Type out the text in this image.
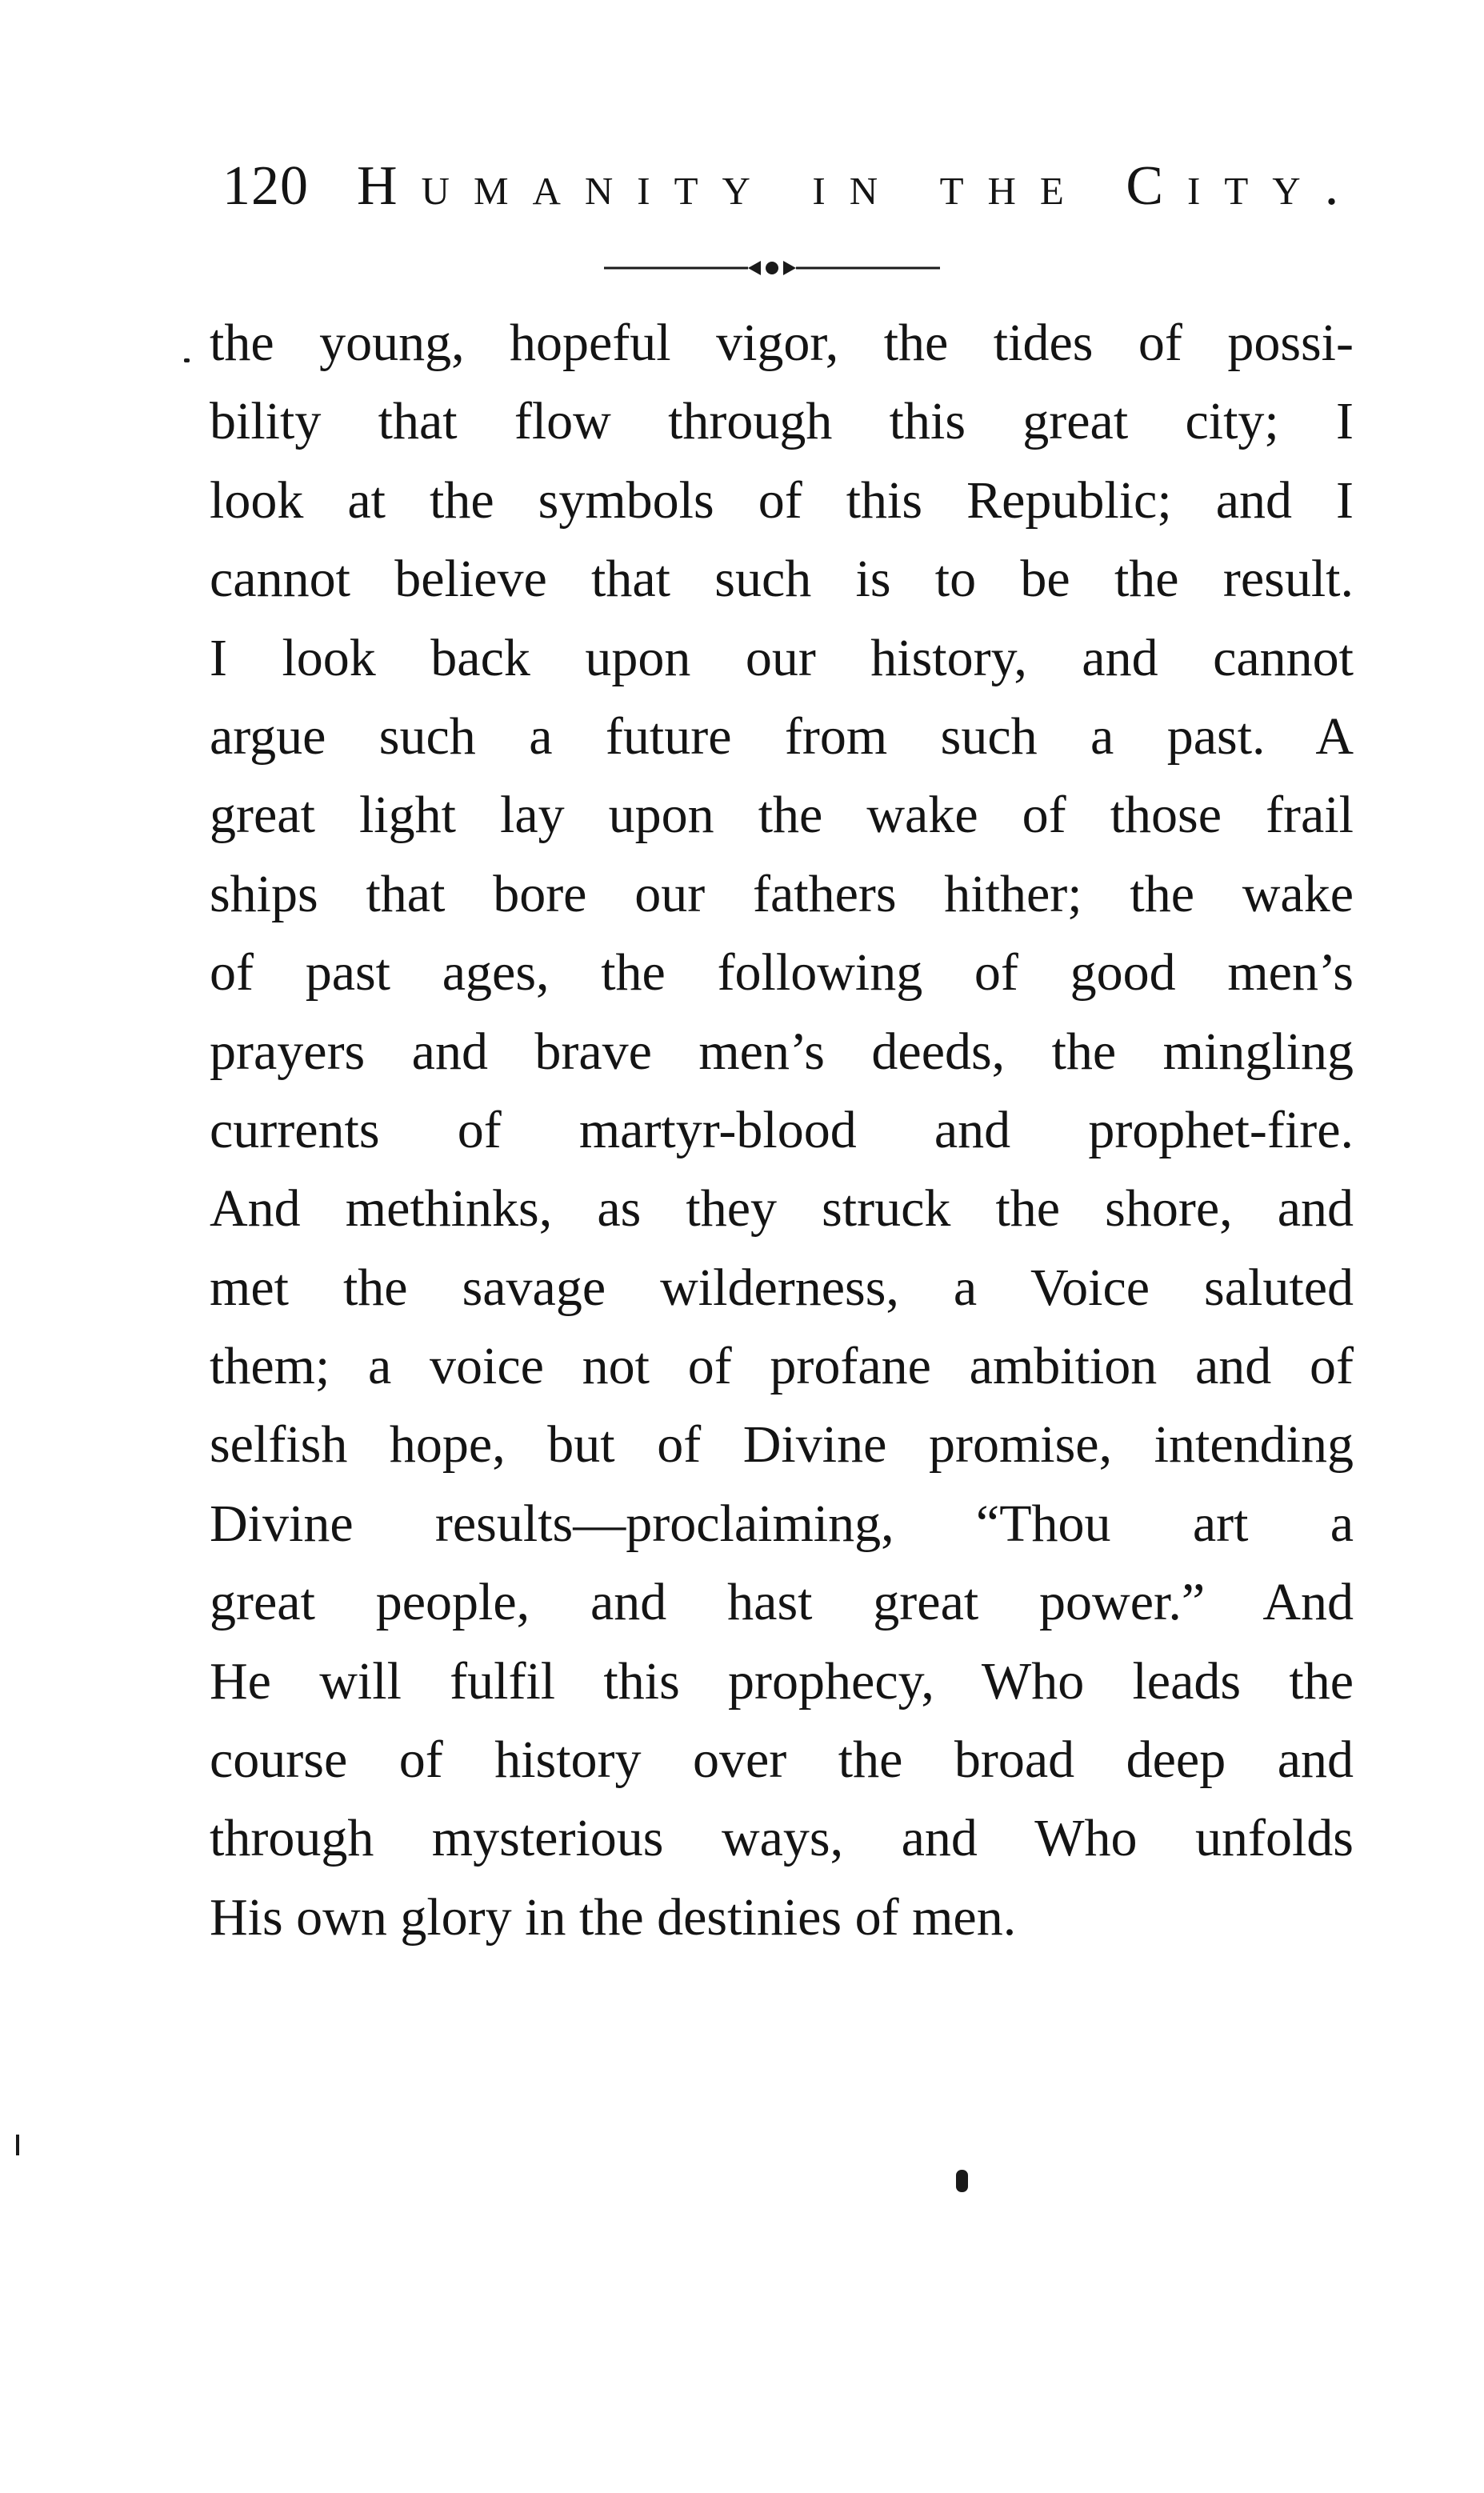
120 Humanity in the City.
the young, hopeful vigor, the tides of possi-
bility that flow through this great city; I
look at the symbols of this Republic; and I
cannot believe that such is to be the result.
I look back upon our history, and cannot
argue such a future from such a past. A
great light lay upon the wake of those frail
ships that bore our fathers hither; the wake
of past ages, the following of good men’s
prayers and brave men’s deeds, the mingling
currents of martyr-blood and prophet-fire.
And methinks, as they struck the shore, and
met the savage wilderness, a Voice saluted
them; a voice not of profane ambition and of
selfish hope, but of Divine promise, intending
Divine results—proclaiming, “Thou art a
great people, and hast great power.” And
He will fulfil this prophecy, Who leads the
course of history over the broad deep and
through mysterious ways, and Who unfolds
His own glory in the destinies of men.
